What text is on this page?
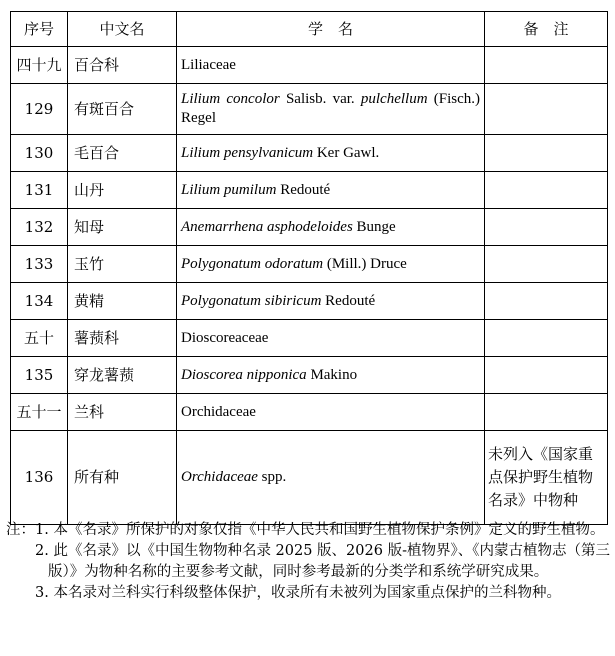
序号	中文名	学　名	备　注
四十九	百合科	Liliaceae	
129	有斑百合	Lilium concolor Salisb. var. pulchellum (Fisch.) Regel	
130	毛百合	Lilium pensylvanicum Ker Gawl.	
131	山丹	Lilium pumilum Redouté	
132	知母	Anemarrhena asphodeloides Bunge	
133	玉竹	Polygonatum odoratum (Mill.) Druce	
134	黄精	Polygonatum sibiricum Redouté	
五十	薯蓣科	Dioscoreaceae	
135	穿龙薯蓣	Dioscorea nipponica Makino	
五十一	兰科	Orchidaceae	
136	所有种	Orchidaceae spp.	未列入《国家重点保护野生植物名录》中物种
注：1. 本《名录》所保护的对象仅指《中华人民共和国野生植物保护条例》定义的野生植物。
2. 此《名录》以《中国生物物种名录 2025 版、2026 版-植物界》、《内蒙古植物志（第三版）》为物种名称的主要参考文献，同时参考最新的分类学和系统学研究成果。
3. 本名录对兰科实行科级整体保护，收录所有未被列为国家重点保护的兰科物种。
